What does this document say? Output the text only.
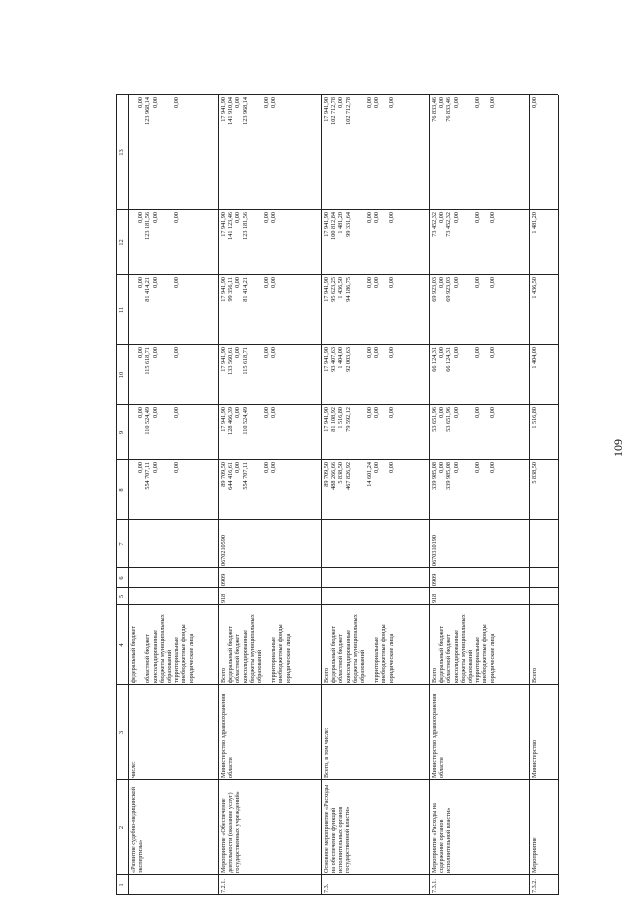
109
1
2
3
4
5
6
7
8
9
10
11
12
13
«Развитие судебно-медицинской экспертизы»
числе:
федеральный бюджет
0,00
0,00
0,00
0,00
0,00
0,00
областной бюджет
554 707,11
110 524,49
115 618,71
81 414,21
123 181,56
123 968,14
консолидированные бюджеты муниципальных образований
0,00
0,00
0,00
0,00
0,00
0,00
территориальные внебюджетные фонды
0,00
0,00
0,00
0,00
0,00
0,00
юридические лица
7.2.1.
Мероприятие «Обеспечение деятельности (оказание услуг) государственных учреждений»
Министерство здравоохранения области
918
0909
0670210590
Всего
89 709,50
17 941,90
17 941,90
17 941,90
17 941,90
17 941,90
федеральный бюджет
644 416,61
128 466,39
133 560,61
99 356,11
141 123,46
141 910,04
областной бюджет
0,00
0,00
0,00
0,00
0,00
0,00
консолидированные бюджеты муниципальных образований
554 707,11
110 524,49
115 618,71
81 414,21
123 181,56
123 968,14
0,00
0,00
0,00
0,00
0,00
0,00
территориальные внебюджетные фонды
0,00
0,00
0,00
0,00
0,00
0,00
юридические лица
7.3.
Основное мероприятие «Расходы на обеспечение функций исполнительных органов государственной власти»
Всего, в том числе:
Всего
89 709,50
17 941,90
17 941,90
17 941,90
17 941,90
17 941,90
федеральный бюджет
488 266,66
81 108,92
93 407,63
95 623,25
100 812,84
102 712,78
областной бюджет
5 838,50
1 516,80
1 404,00
1 436,50
1 481,20
0,00
консолидированные бюджеты муниципальных образований
467 826,92
79 592,12
92 003,63
94 186,75
99 331,64
102 712,78
14 601,24
0,00
0,00
0,00
0,00
0,00
территориальные внебюджетные фонды
0,00
0,00
0,00
0,00
0,00
0,00
юридические лица
0,00
0,00
0,00
0,00
0,00
0,00
7.3.1.
Мероприятие «Расходы на содержание органов исполнительной власти»
Министерство здравоохранения области
918
0909
0670310190
Всего
339 985,08
53 651,96
66 124,31
69 923,03
73 452,32
76 833,46
федеральный бюджет
0,00
0,00
0,00
0,00
0,00
0,00
областной бюджет
339 985,08
53 651,96
66 124,31
69 923,03
73 452,32
76 833,46
консолидированные бюджеты муниципальных образований
0,00
0,00
0,00
0,00
0,00
0,00
территориальные внебюджетные фонды
0,00
0,00
0,00
0,00
0,00
0,00
юридические лица
0,00
0,00
0,00
0,00
0,00
0,00
7.3.2.
Мероприятие
Министерство
Всего
5 838,50
1 516,80
1 404,00
1 436,50
1 481,20
0,00
